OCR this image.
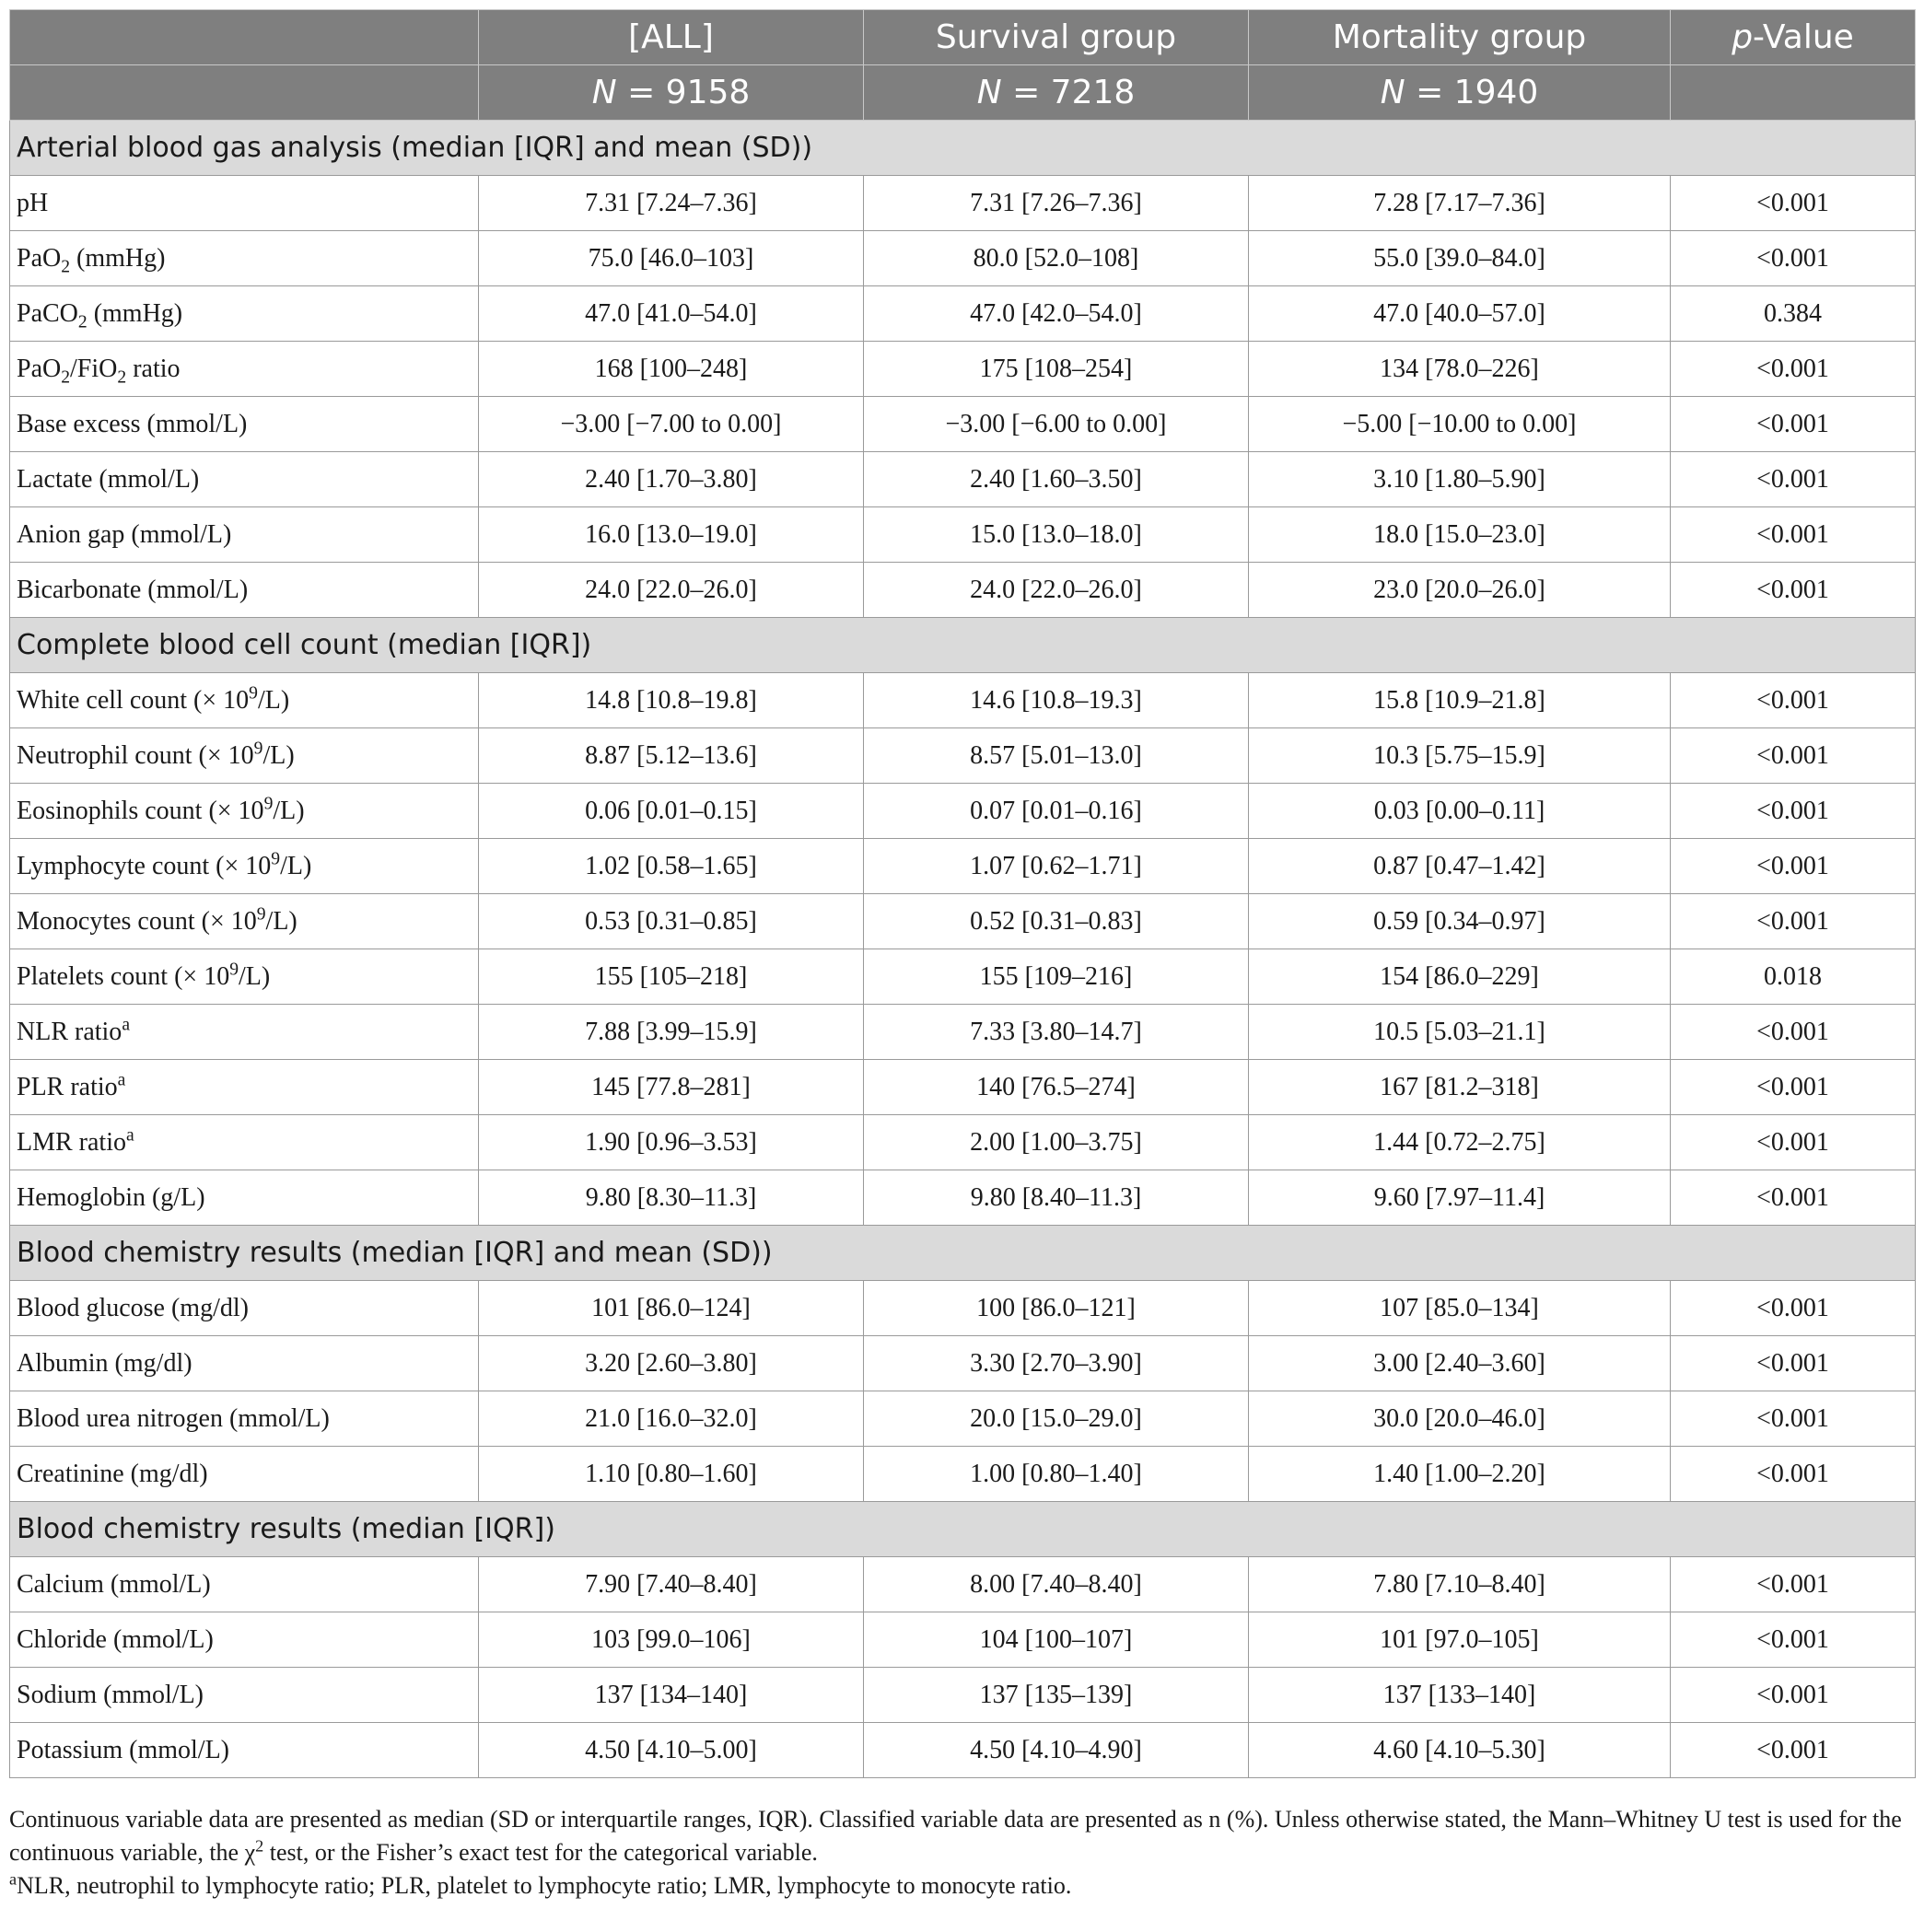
	[ALL]	Survival group	Mortality group	p-Value
	N = 9158	N = 7218	N = 1940	
Arterial blood gas analysis (median [IQR] and mean (SD))				
pH	7.31 [7.24–7.36]	7.31 [7.26–7.36]	7.28 [7.17–7.36]	<0.001
PaO$_2$ (mmHg)	75.0 [46.0–103]	80.0 [52.0–108]	55.0 [39.0–84.0]	<0.001
PaCO$_2$ (mmHg)	47.0 [41.0–54.0]	47.0 [42.0–54.0]	47.0 [40.0–57.0]	0.384
PaO$_2$/FiO$_2$ ratio	168 [100–248]	175 [108–254]	134 [78.0–226]	<0.001
Base excess (mmol/L)	−3.00 [−7.00 to 0.00]	−3.00 [−6.00 to 0.00]	−5.00 [−10.00 to 0.00]	<0.001
Lactate (mmol/L)	2.40 [1.70–3.80]	2.40 [1.60–3.50]	3.10 [1.80–5.90]	<0.001
Anion gap (mmol/L)	16.0 [13.0–19.0]	15.0 [13.0–18.0]	18.0 [15.0–23.0]	<0.001
Bicarbonate (mmol/L)	24.0 [22.0–26.0]	24.0 [22.0–26.0]	23.0 [20.0–26.0]	<0.001
Complete blood cell count (median [IQR])				
White cell count (× $10^9/L$)	14.8 [10.8–19.8]	14.6 [10.8–19.3]	15.8 [10.9–21.8]	<0.001
Neutrophil count (× $10^9/L$)	8.87 [5.12–13.6]	8.57 [5.01–13.0]	10.3 [5.75–15.9]	<0.001
Eosinophils count (× $10^9/L$)	0.06 [0.01–0.15]	0.07 [0.01–0.16]	0.03 [0.00–0.11]	<0.001
Lymphocyte count (× $10^9/L$)	1.02 [0.58–1.65]	1.07 [0.62–1.71]	0.87 [0.47–1.42]	<0.001
Monocytes count (× $10^9/L$)	0.53 [0.31–0.85]	0.52 [0.31–0.83]	0.59 [0.34–0.97]	<0.001
Platelets count (× $10^9/L$)	155 [105–218]	155 [109–216]	154 [86.0–229]	0.018
NLR ratio$^a$	7.88 [3.99–15.9]	7.33 [3.80–14.7]	10.5 [5.03–21.1]	<0.001
PLR ratio$^a$	145 [77.8–281]	140 [76.5–274]	167 [81.2–318]	<0.001
LMR ratio$^a$	1.90 [0.96–3.53]	2.00 [1.00–3.75]	1.44 [0.72–2.75]	<0.001
Hemoglobin (g/L)	9.80 [8.30–11.3]	9.80 [8.40–11.3]	9.60 [7.97–11.4]	<0.001
Blood chemistry results (median [IQR] and mean (SD))				
Blood glucose (mg/dl)	101 [86.0–124]	100 [86.0–121]	107 [85.0–134]	<0.001
Albumin (mg/dl)	3.20 [2.60–3.80]	3.30 [2.70–3.90]	3.00 [2.40–3.60]	<0.001
Blood urea nitrogen (mmol/L)	21.0 [16.0–32.0]	20.0 [15.0–29.0]	30.0 [20.0–46.0]	<0.001
Creatinine (mg/dl)	1.10 [0.80–1.60]	1.00 [0.80–1.40]	1.40 [1.00–2.20]	<0.001
Blood chemistry results (median [IQR])				
Calcium (mmol/L)	7.90 [7.40–8.40]	8.00 [7.40–8.40]	7.80 [7.10–8.40]	<0.001
Chloride (mmol/L)	103 [99.0–106]	104 [100–107]	101 [97.0–105]	<0.001
Sodium (mmol/L)	137 [134–140]	137 [135–139]	137 [133–140]	<0.001
Potassium (mmol/L)	4.50 [4.10–5.00]	4.50 [4.10–4.90]	4.60 [4.10–5.30]	<0.001

Continuous variable data are presented as median (SD or interquartile ranges, IQR). Classified variable data are presented as n (%). Unless otherwise stated, the Mann–Whitney U test is used for the continuous variable, the $\chi^2$ test, or the Fisher’s exact test for the categorical variable.

$^a$NLR, neutrophil to lymphocyte ratio; PLR, platelet to lymphocyte ratio; LMR, lymphocyte to monocyte ratio.
